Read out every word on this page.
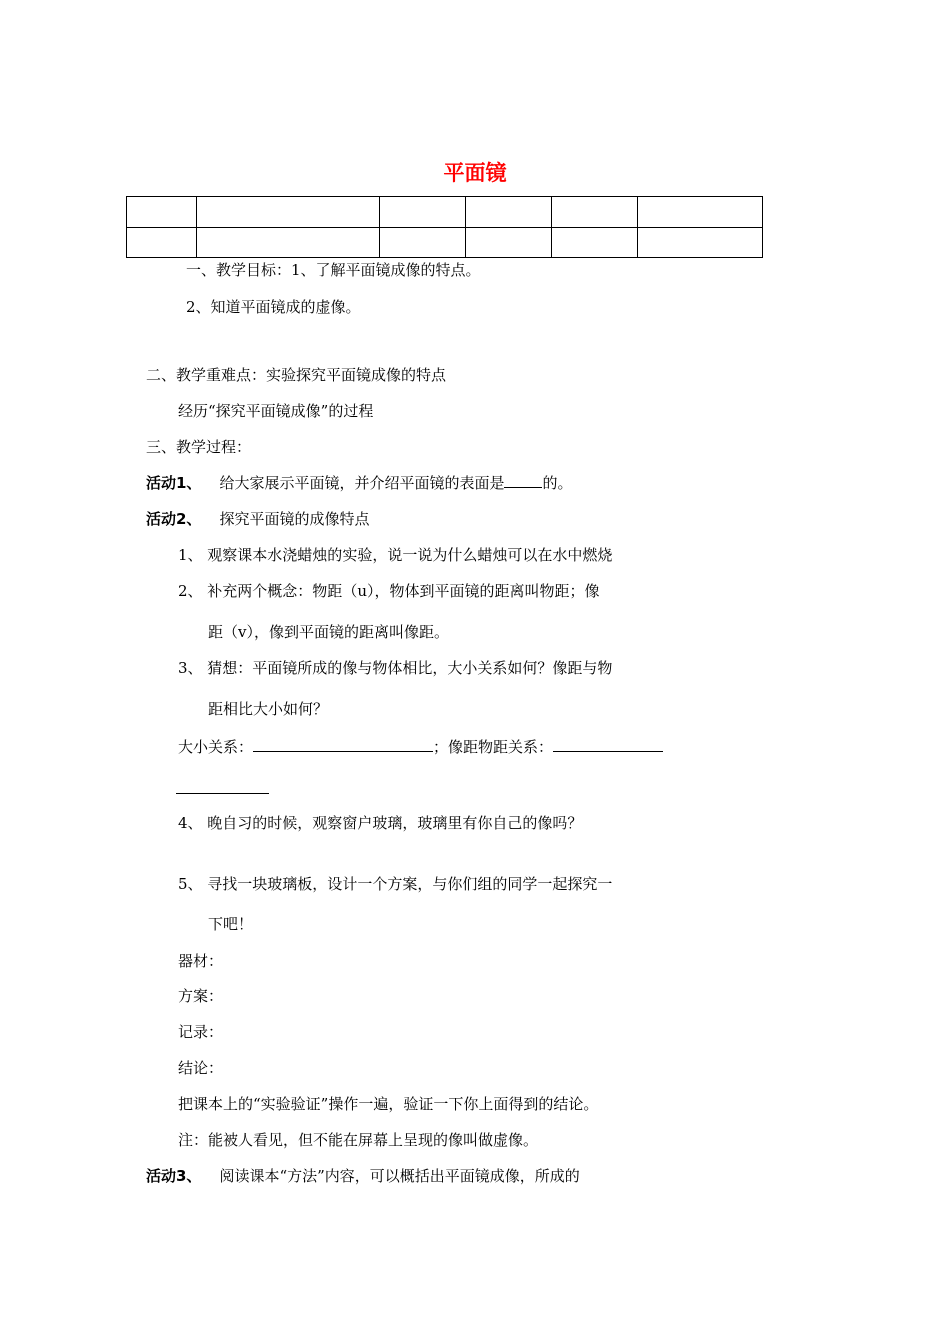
平面镜

一、教学目标：1、了解平面镜成像的特点。
2、知道平面镜成的虚像。
二、教学重难点：实验探究平面镜成像的特点
经历“探究平面镜成像”的过程
三、教学过程：
活动1、 给大家展示平面镜，并介绍平面镜的表面是	的。
活动2、 探究平面镜的成像特点
1、 观察课本水浇蜡烛的实验，说一说为什么蜡烛可以在水中燃烧
2、 补充两个概念：物距（u），物体到平面镜的距离叫物距；像
距（v），像到平面镜的距离叫像距。
3、 猜想：平面镜所成的像与物体相比，大小关系如何？像距与物
距相比大小如何？
大小关系：	；像距物距关系：
4、 晚自习的时候，观察窗户玻璃，玻璃里有你自己的像吗？
5、 寻找一块玻璃板，设计一个方案，与你们组的同学一起探究一
下吧！
器材：
方案：
记录：
结论：
把课本上的“实验验证”操作一遍，验证一下你上面得到的结论。
注：能被人看见，但不能在屏幕上呈现的像叫做虚像。
活动3、 阅读课本“方法”内容，可以概括出平面镜成像，所成的
